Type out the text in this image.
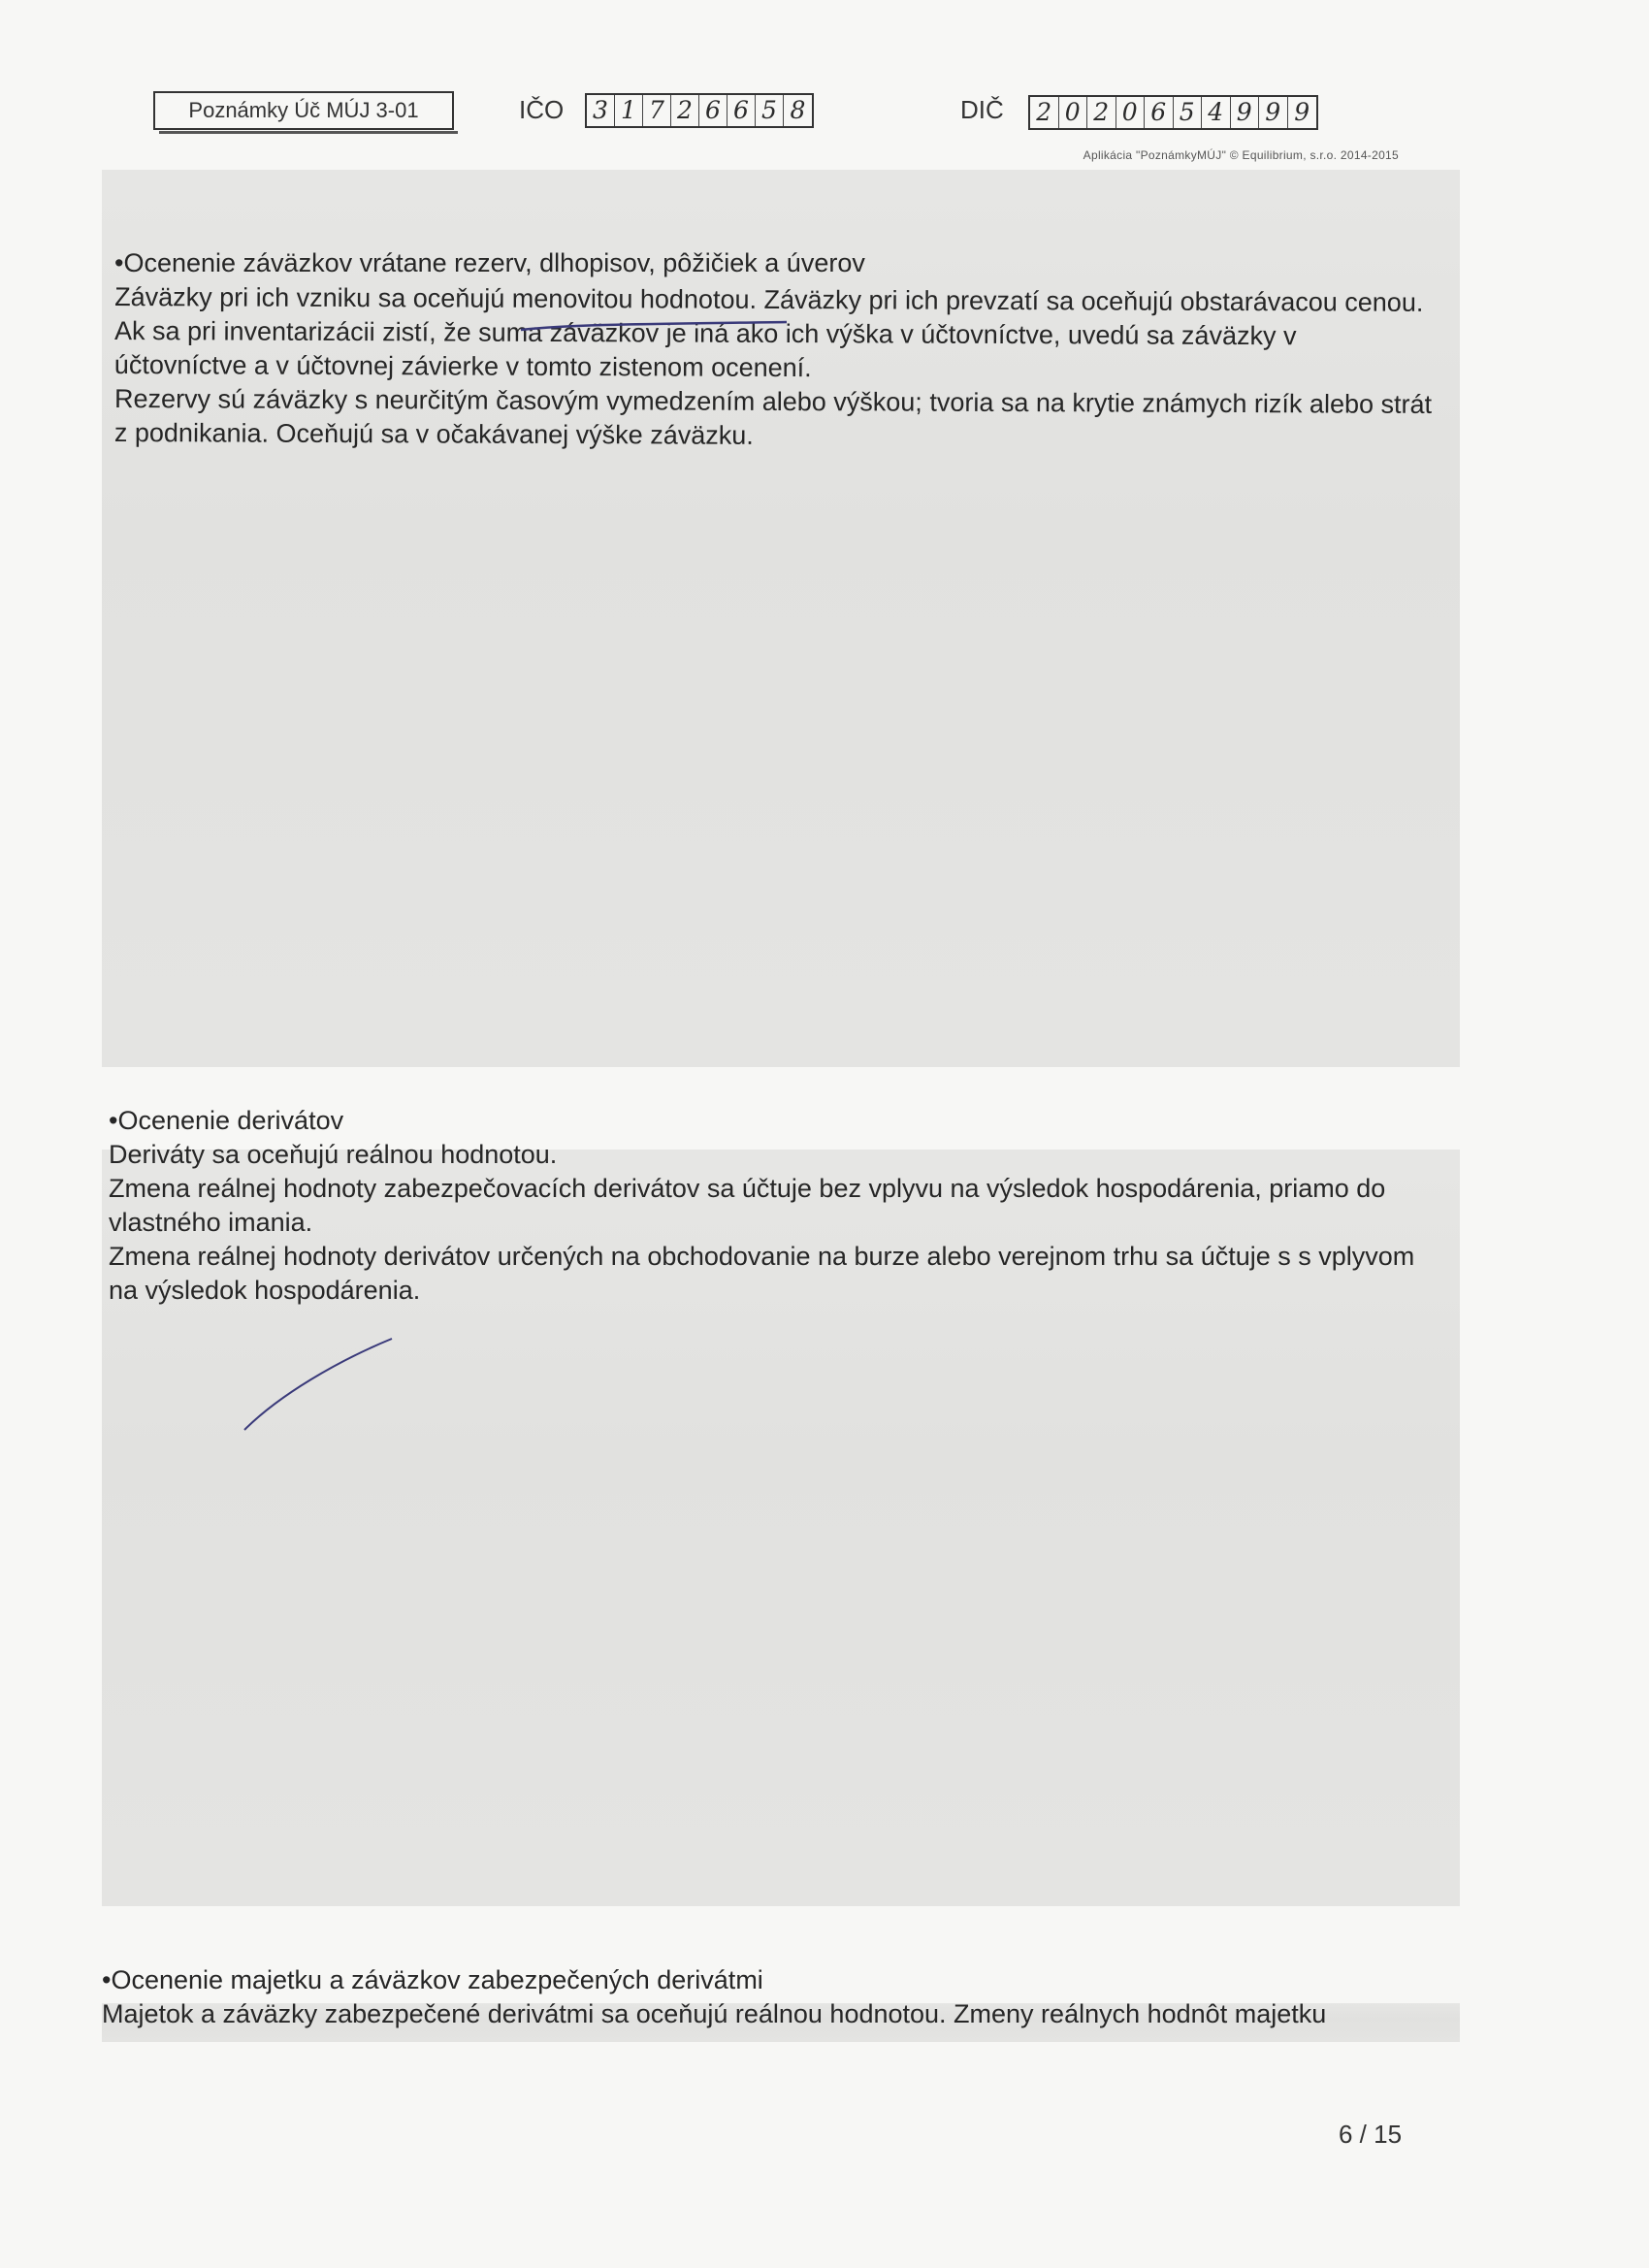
Poznámky Úč MÚJ 3-01	IČO 3 1 7 2 6 6 5 8	DIČ 2 0 2 0 6 5 4 9 9 9
Aplikácia "PoznámkyMÚJ" © Equilibrium, s.r.o. 2014-2015
• Ocenenie záväzkov vrátane rezerv, dlhopisov, pôžičiek a úverov

Záväzky pri ich vzniku sa oceňujú menovitou hodnotou. Záväzky pri ich prevzatí sa oceňujú obstarávacou cenou. Ak sa pri inventarizácii zistí, že suma záväzkov je iná ako ich výška v účtovníctve, uvedú sa záväzky v účtovníctve a v účtovnej závierke v tomto zistenom ocenení.

Rezervy sú záväzky s neurčitým časovým vymedzením alebo výškou; tvoria sa na krytie známych rizík alebo strát z podnikania. Oceňujú sa v očakávanej výške záväzku.

• Ocenenie derivátov

Deriváty sa oceňujú reálnou hodnotou.

Zmena reálnej hodnoty zabezpečovacích derivátov sa účtuje bez vplyvu na výsledok hospodárenia, priamo do vlastného imania.

Zmena reálnej hodnoty derivátov určených na obchodovanie na burze alebo verejnom trhu sa účtuje s s vplyvom na výsledok hospodárenia.

• Ocenenie majetku a záväzkov zabezpečených derivátmi

Majetok a záväzky zabezpečené derivátmi sa oceňujú reálnou hodnotou. Zmeny reálnych hodnôt majetku

6 / 15
